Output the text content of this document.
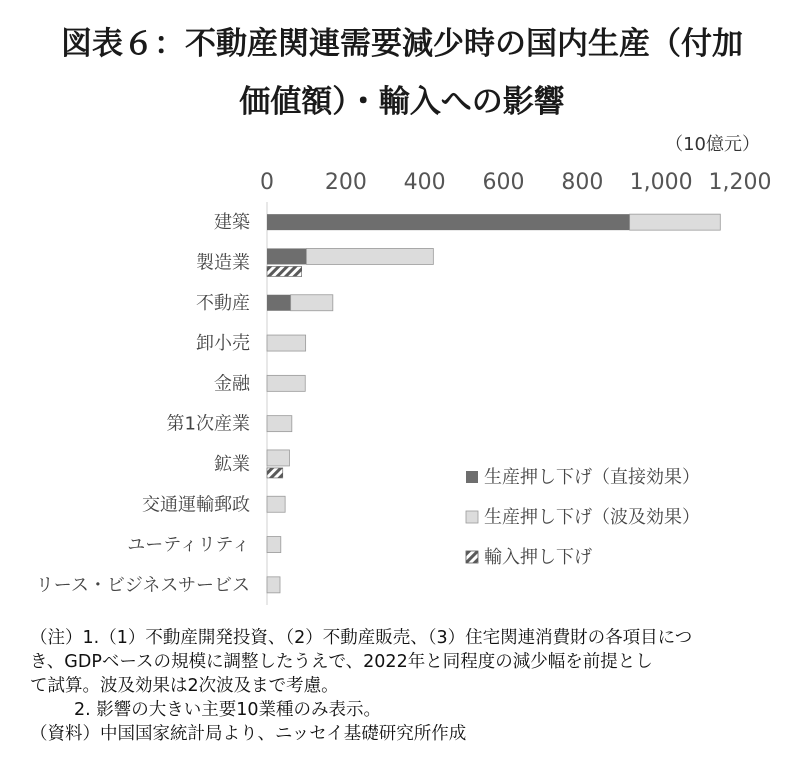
図表６：不動産関連需要減少時の国内生産（付加
価値額）・輸入への影響
（10億元）
0 200 400 600 800 1,000 1,200
建築
製造業
不動産
卸小売
金融
第1次産業
鉱業
交通運輸郵政
ユーティリティ
リース・ビジネスサービス
生産押し下げ（直接効果）
生産押し下げ（波及効果）
輸入押し下げ
（注）1.（1）不動産開発投資、（2）不動産販売、（3）住宅関連消費財の各項目につ
き、GDPベースの規模に調整したうえで、2022年と同程度の減少幅を前提とし
て試算。波及効果は2次波及まで考慮。
2. 影響の大きい主要10業種のみ表示。
（資料）中国国家統計局より、ニッセイ基礎研究所作成
